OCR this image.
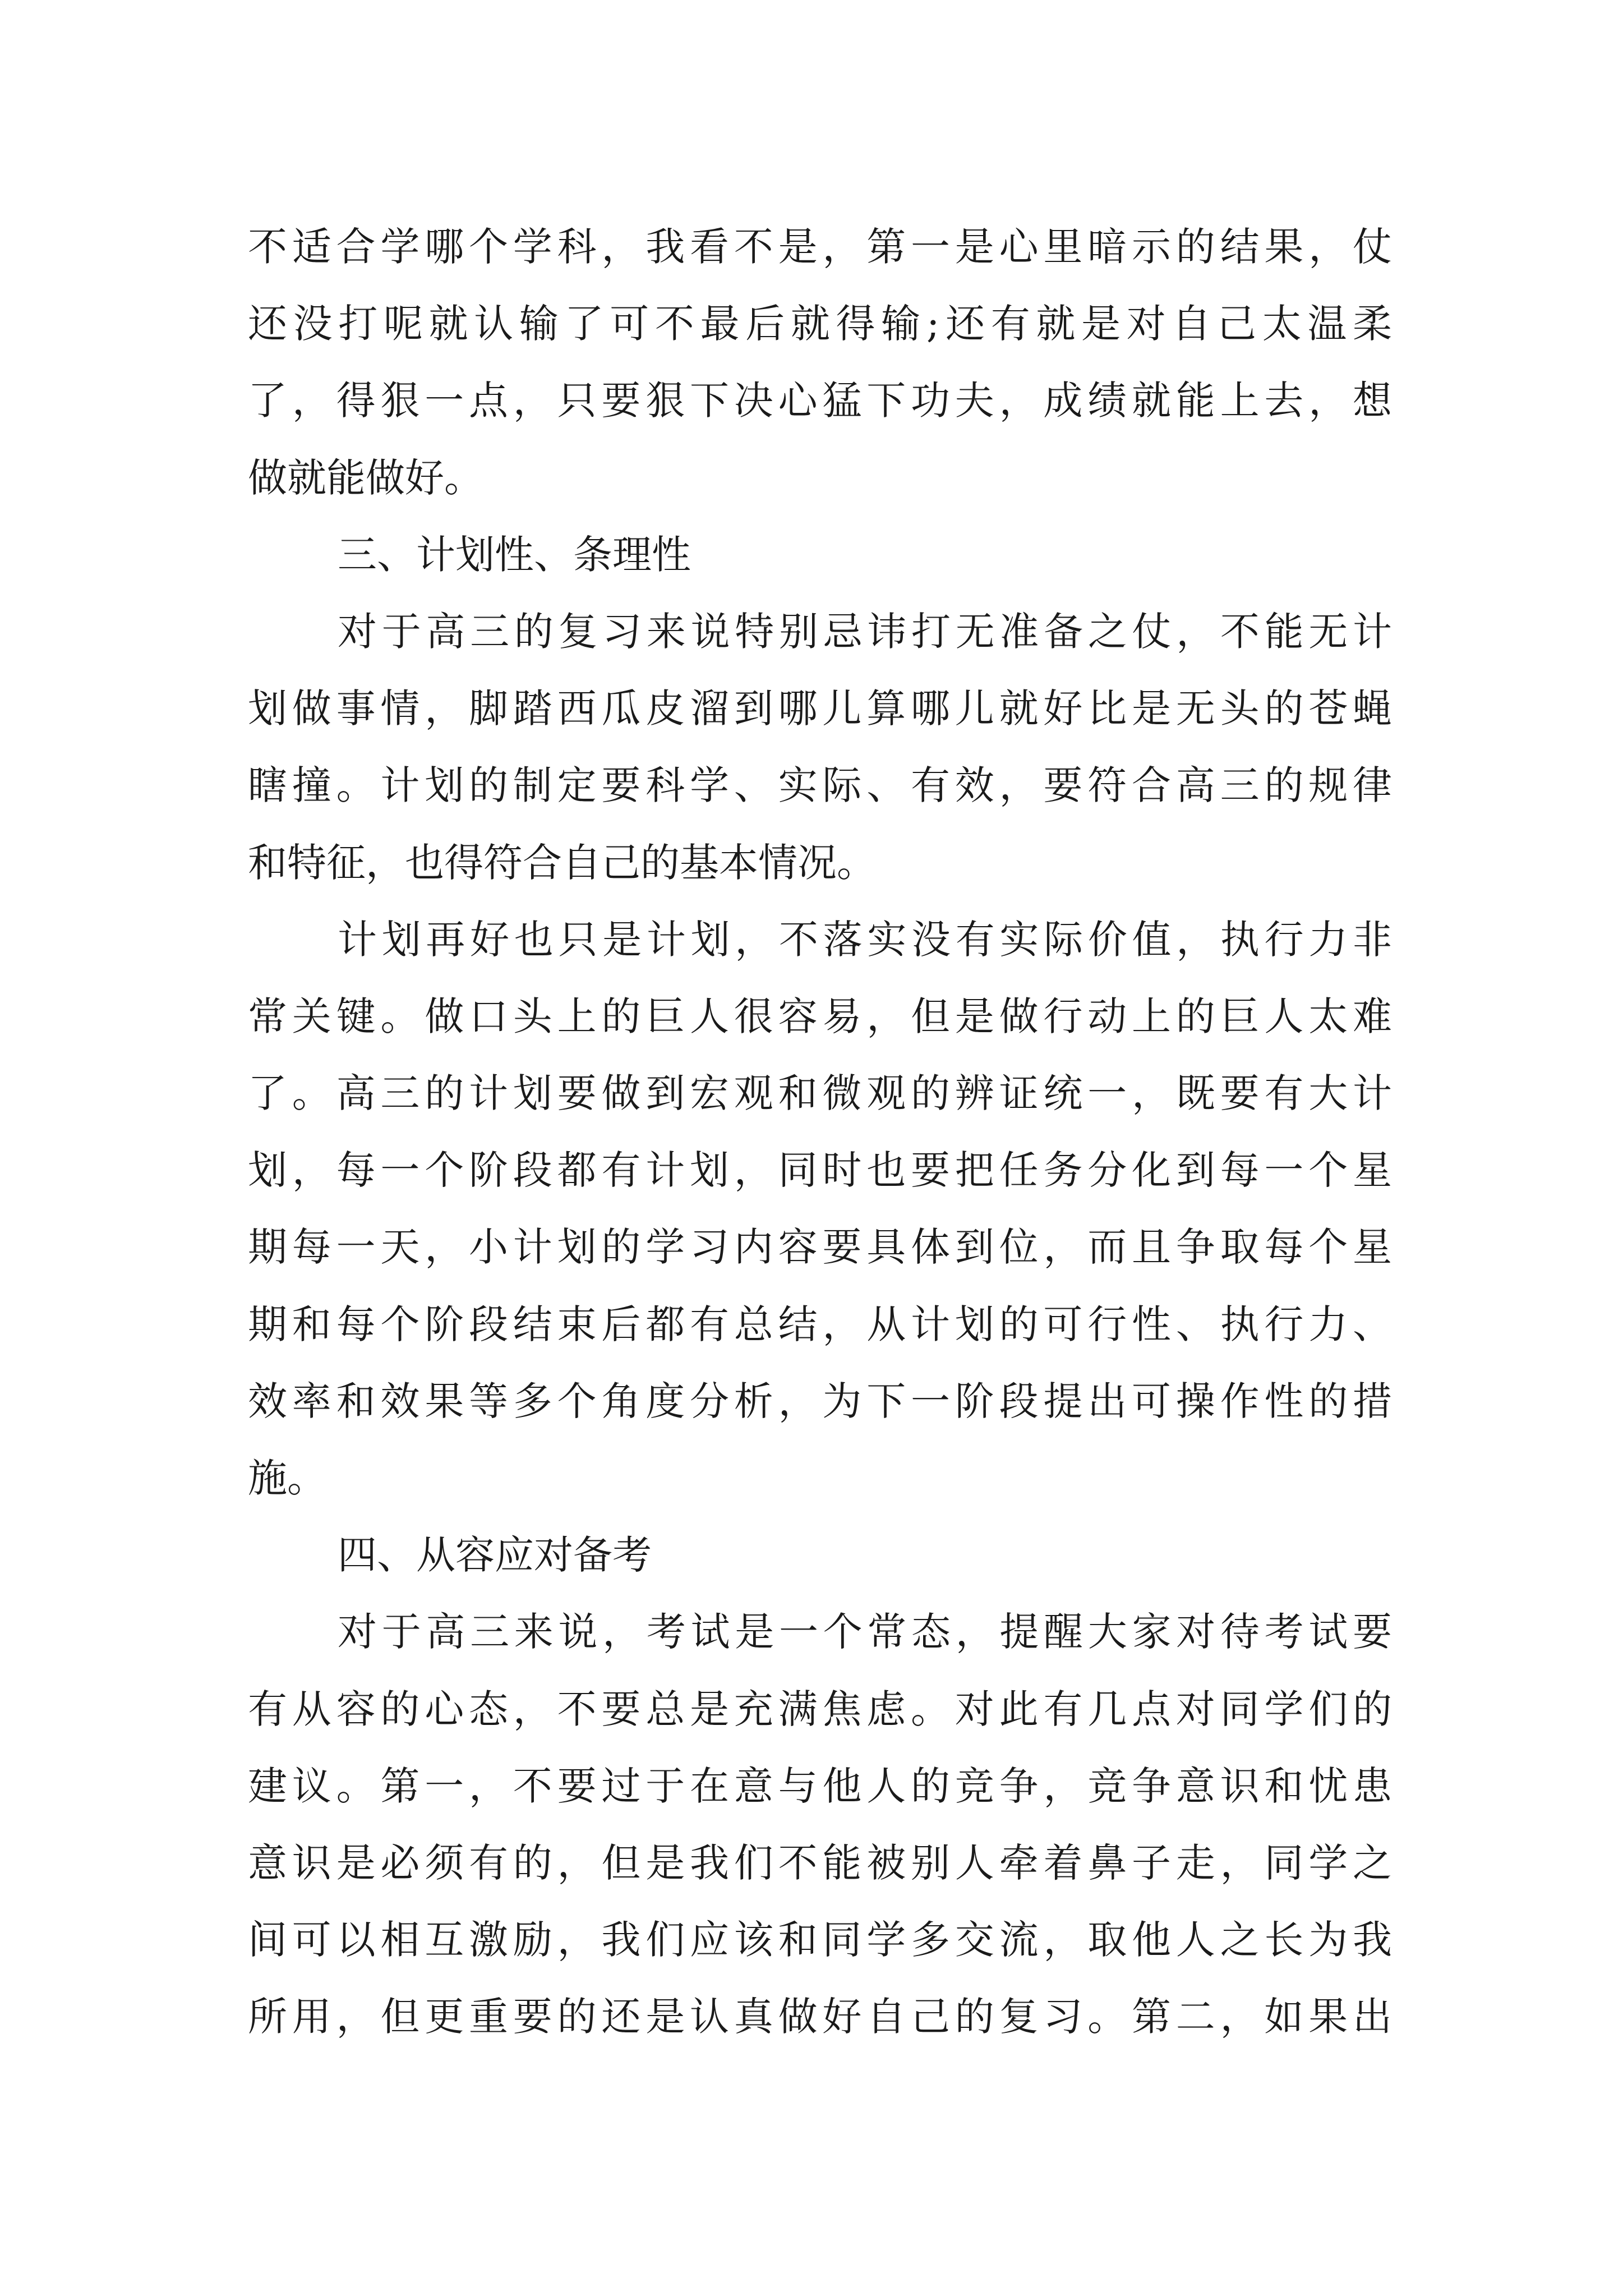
不适合学哪个学科，我看不是，第一是心里暗示的结果，仗
还没打呢就认输了可不最后就得输;还有就是对自己太温柔
了，得狠一点，只要狠下决心猛下功夫，成绩就能上去，想
做就能做好。
三、计划性、条理性
对于高三的复习来说特别忌讳打无准备之仗，不能无计
划做事情，脚踏西瓜皮溜到哪儿算哪儿就好比是无头的苍蝇
瞎撞。计划的制定要科学、实际、有效，要符合高三的规律
和特征，也得符合自己的基本情况。
计划再好也只是计划，不落实没有实际价值，执行力非
常关键。做口头上的巨人很容易，但是做行动上的巨人太难
了。高三的计划要做到宏观和微观的辨证统一，既要有大计
划，每一个阶段都有计划，同时也要把任务分化到每一个星
期每一天，小计划的学习内容要具体到位，而且争取每个星
期和每个阶段结束后都有总结，从计划的可行性、执行力、
效率和效果等多个角度分析，为下一阶段提出可操作性的措
施。
四、从容应对备考
对于高三来说，考试是一个常态，提醒大家对待考试要
有从容的心态，不要总是充满焦虑。对此有几点对同学们的
建议。第一，不要过于在意与他人的竞争，竞争意识和忧患
意识是必须有的，但是我们不能被别人牵着鼻子走，同学之
间可以相互激励，我们应该和同学多交流，取他人之长为我
所用，但更重要的还是认真做好自己的复习。第二，如果出
